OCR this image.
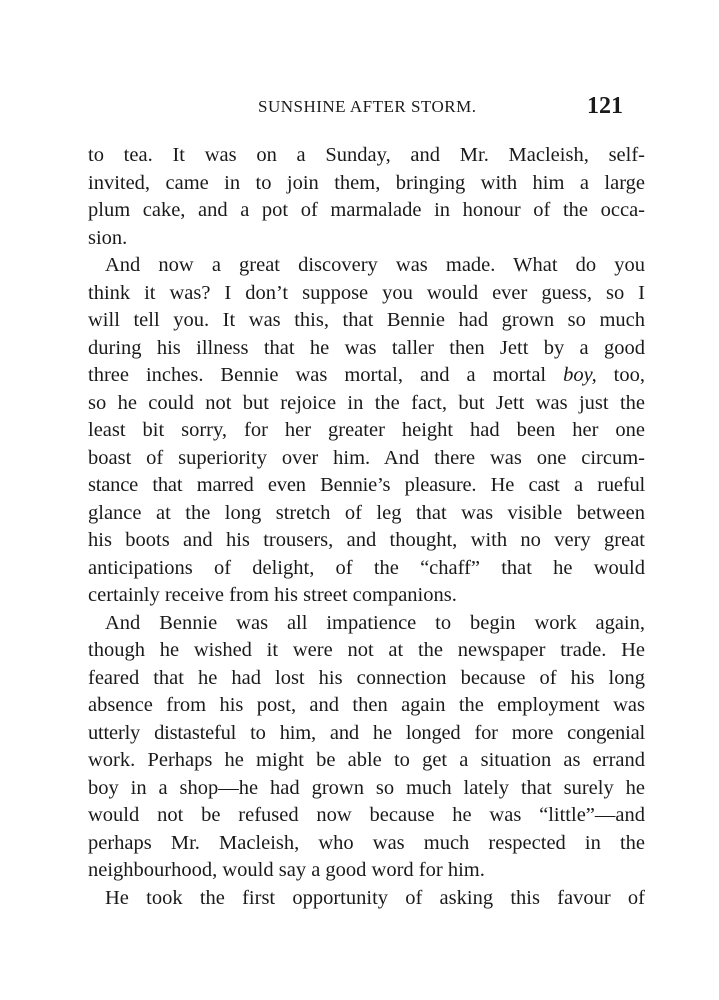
SUNSHINE AFTER STORM.	121
to tea. It was on a Sunday, and Mr. Macleish, self-
invited, came in to join them, bringing with him a large
plum cake, and a pot of marmalade in honour of the occa-
sion.
And now a great discovery was made. What do you
think it was? I don’t suppose you would ever guess, so I
will tell you. It was this, that Bennie had grown so much
during his illness that he was taller then Jett by a good
three inches. Bennie was mortal, and a mortal boy, too,
so he could not but rejoice in the fact, but Jett was just the
least bit sorry, for her greater height had been her one
boast of superiority over him. And there was one circum-
stance that marred even Bennie’s pleasure. He cast a rueful
glance at the long stretch of leg that was visible between
his boots and his trousers, and thought, with no very great
anticipations of delight, of the “chaff” that he would
certainly receive from his street companions.
And Bennie was all impatience to begin work again,
though he wished it were not at the newspaper trade. He
feared that he had lost his connection because of his long
absence from his post, and then again the employment was
utterly distasteful to him, and he longed for more congenial
work. Perhaps he might be able to get a situation as errand
boy in a shop—he had grown so much lately that surely he
would not be refused now because he was “little”—and
perhaps Mr. Macleish, who was much respected in the
neighbourhood, would say a good word for him.
He took the first opportunity of asking this favour of
